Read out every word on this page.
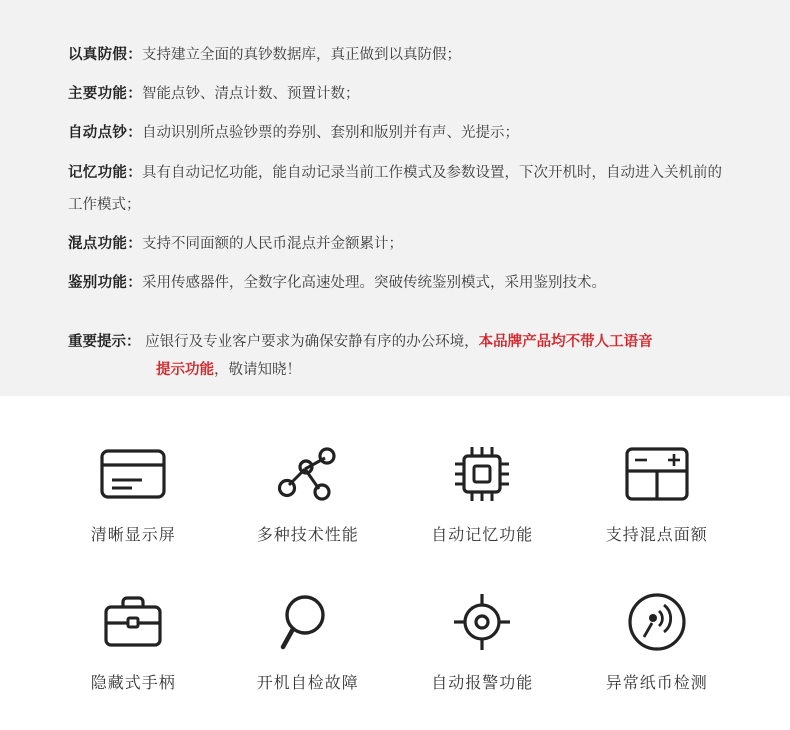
以真防假：支持建立全面的真钞数据库，真正做到以真防假；
主要功能：智能点钞、清点计数、预置计数；
自动点钞：自动识别所点验钞票的券别、套别和版别并有声、光提示；
记忆功能：具有自动记忆功能，能自动记录当前工作模式及参数设置，下次开机时，自动进入关机前的工作模式；
混点功能：支持不同面额的人民币混点并金额累计；
鉴别功能：采用传感器件，全数字化高速处理。突破传统鉴别模式，采用鉴别技术。
重要提示： 应银行及专业客户要求为确保安静有序的办公环境，本品牌产品均不带人工语音
提示功能，敬请知晓！
清晰显示屏	多种技术性能	自动记忆功能	支持混点面额
隐藏式手柄	开机自检故障	自动报警功能	异常纸币检测
